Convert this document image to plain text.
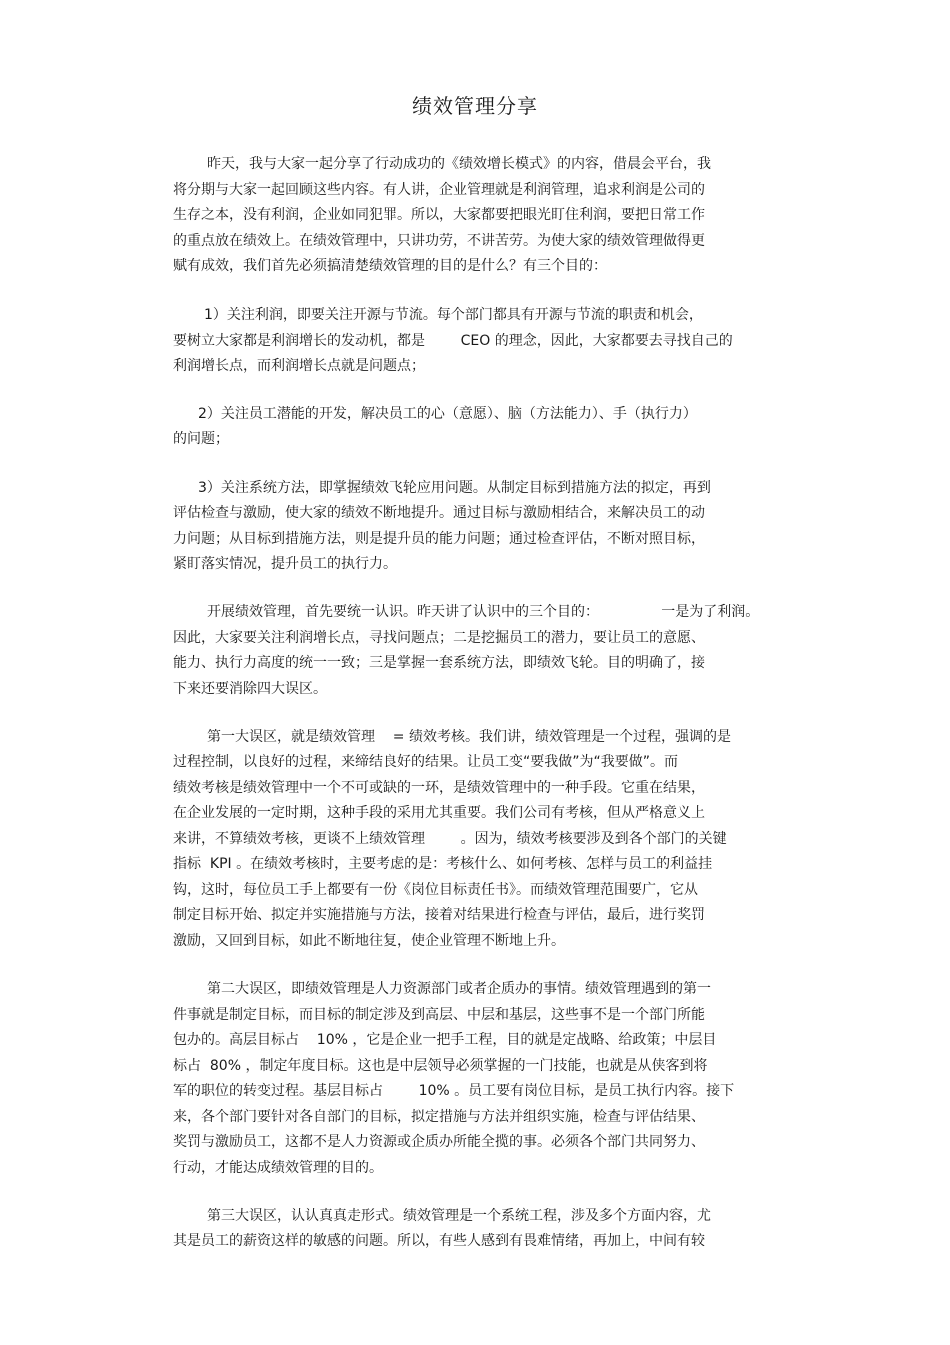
绩效管理分享
昨天，我与大家一起分享了行动成功的《绩效增长模式》的内容，借晨会平台，我
将分期与大家一起回顾这些内容。有人讲，企业管理就是利润管理，追求利润是公司的
生存之本，没有利润，企业如同犯罪。所以，大家都要把眼光盯住利润，要把日常工作
的重点放在绩效上。在绩效管理中，只讲功劳，不讲苦劳。为使大家的绩效管理做得更
赋有成效，我们首先必须搞清楚绩效管理的目的是什么？有三个目的：
1）关注利润，即要关注开源与节流。每个部门都具有开源与节流的职责和机会，
要树立大家都是利润增长的发动机，都是        CEO 的理念，因此，大家都要去寻找自己的
利润增长点，而利润增长点就是问题点；
2）关注员工潜能的开发，解决员工的心（意愿）、脑（方法能力）、手（执行力）
的问题；
3）关注系统方法，即掌握绩效飞轮应用问题。从制定目标到措施方法的拟定，再到
评估检查与激励，使大家的绩效不断地提升。通过目标与激励相结合，来解决员工的动
力问题；从目标到措施方法，则是提升员的能力问题；通过检查评估，不断对照目标，
紧盯落实情况，提升员工的执行力。
开展绩效管理，首先要统一认识。昨天讲了认识中的三个目的：              一是为了利润。
因此，大家要关注利润增长点，寻找问题点；二是挖掘员工的潜力，要让员工的意愿、
能力、执行力高度的统一一致；三是掌握一套系统方法，即绩效飞轮。目的明确了，接
下来还要消除四大误区。
第一大误区，就是绩效管理    = 绩效考核。我们讲，绩效管理是一个过程，强调的是
过程控制，以良好的过程，来缔结良好的结果。让员工变“要我做”为“我要做”。而
绩效考核是绩效管理中一个不可或缺的一环，是绩效管理中的一种手段。它重在结果，
在企业发展的一定时期，这种手段的采用尤其重要。我们公司有考核，但从严格意义上
来讲，不算绩效考核，更谈不上绩效管理        。因为，绩效考核要涉及到各个部门的关键
指标  KPI 。在绩效考核时，主要考虑的是：考核什么、如何考核、怎样与员工的利益挂
钩，这时，每位员工手上都要有一份《岗位目标责任书》。而绩效管理范围要广，它从
制定目标开始、拟定并实施措施与方法，接着对结果进行检查与评估，最后，进行奖罚
激励，又回到目标，如此不断地往复，使企业管理不断地上升。
第二大误区，即绩效管理是人力资源部门或者企质办的事情。绩效管理遇到的第一
件事就是制定目标，而目标的制定涉及到高层、中层和基层，这些事不是一个部门所能
包办的。高层目标占    10% ，它是企业一把手工程，目的就是定战略、给政策；中层目
标占  80% ，制定年度目标。这也是中层领导必须掌握的一门技能，也就是从侠客到将
军的职位的转变过程。基层目标占        10% 。员工要有岗位目标，是员工执行内容。接下
来，各个部门要针对各自部门的目标，拟定措施与方法并组织实施，检查与评估结果、
奖罚与激励员工，这都不是人力资源或企质办所能全揽的事。必须各个部门共同努力、
行动，才能达成绩效管理的目的。
第三大误区，认认真真走形式。绩效管理是一个系统工程，涉及多个方面内容，尤
其是员工的薪资这样的敏感的问题。所以，有些人感到有畏难情绪，再加上，中间有较
